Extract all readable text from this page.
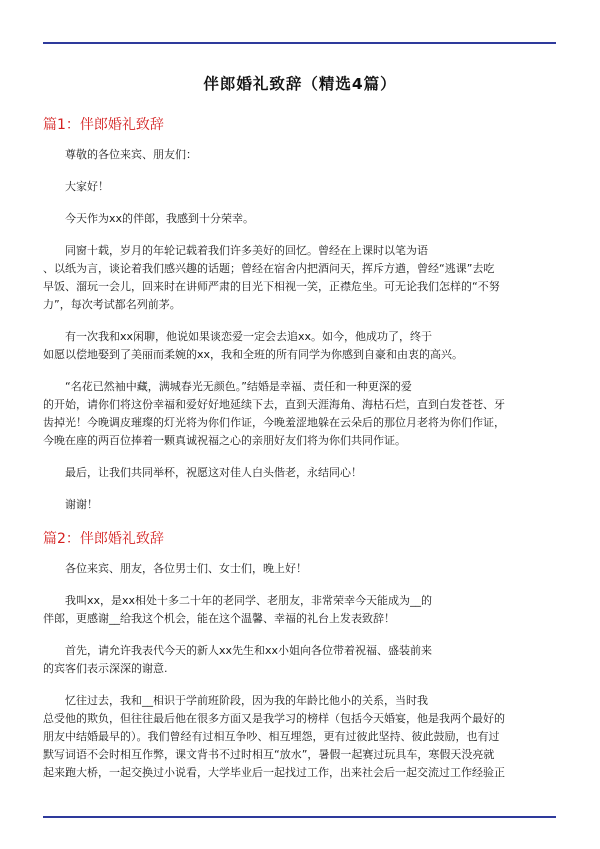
伴郎婚礼致辞（精选4篇）
篇1：伴郎婚礼致辞

尊敬的各位来宾、朋友们：

大家好！

今天作为xx的伴郎，我感到十分荣幸。

同窗十载，岁月的年轮记载着我们许多美好的回忆。曾经在上课时以笔为语
、以纸为言，谈论着我们感兴趣的话题；曾经在宿舍内把酒问天，挥斥方遒，曾经“逃课”去吃
早饭、溜玩一会儿，回来时在讲师严肃的目光下相视一笑，正襟危坐。可无论我们怎样的“不努
力”，每次考试都名列前茅。

有一次我和xx闲聊，他说如果谈恋爱一定会去追xx。如今，他成功了，终于
如愿以偿地娶到了美丽而柔婉的xx，我和全班的所有同学为你感到自豪和由衷的高兴。

“名花已然袖中藏，满城春光无颜色。”结婚是幸福、责任和一种更深的爱
的开始，请你们将这份幸福和爱好好地延续下去，直到天涯海角、海枯石烂，直到白发苍苍、牙
齿掉光！今晚调皮璀璨的灯光将为你们作证，今晚羞涩地躲在云朵后的那位月老将为你们作证，
今晚在座的两百位捧着一颗真诚祝福之心的亲朋好友们将为你们共同作证。

最后，让我们共同举杯，祝愿这对佳人白头偕老，永结同心！

谢谢！

篇2：伴郎婚礼致辞

各位来宾、朋友，各位男士们、女士们，晚上好！

我叫xx，是xx相处十多二十年的老同学、老朋友，非常荣幸今天能成为__的
伴郎，更感谢__给我这个机会，能在这个温馨、幸福的礼台上发表致辞！

首先，请允许我表代今天的新人xx先生和xx小姐向各位带着祝福、盛装前来
的宾客们表示深深的谢意.

忆往过去，我和__相识于学前班阶段，因为我的年龄比他小的关系，当时我
总受他的欺负，但往往最后他在很多方面又是我学习的榜样（包括今天婚宴，他是我两个最好的
朋友中结婚最早的）。我们曾经有过相互争吵、相互埋怨，更有过彼此坚持、彼此鼓励，也有过
默写词语不会时相互作弊，课文背书不过时相互“放水”，暑假一起赛过玩具车，寒假天没亮就
起来跑大桥，一起交换过小说看，大学毕业后一起找过工作，出来社会后一起交流过工作经验正
